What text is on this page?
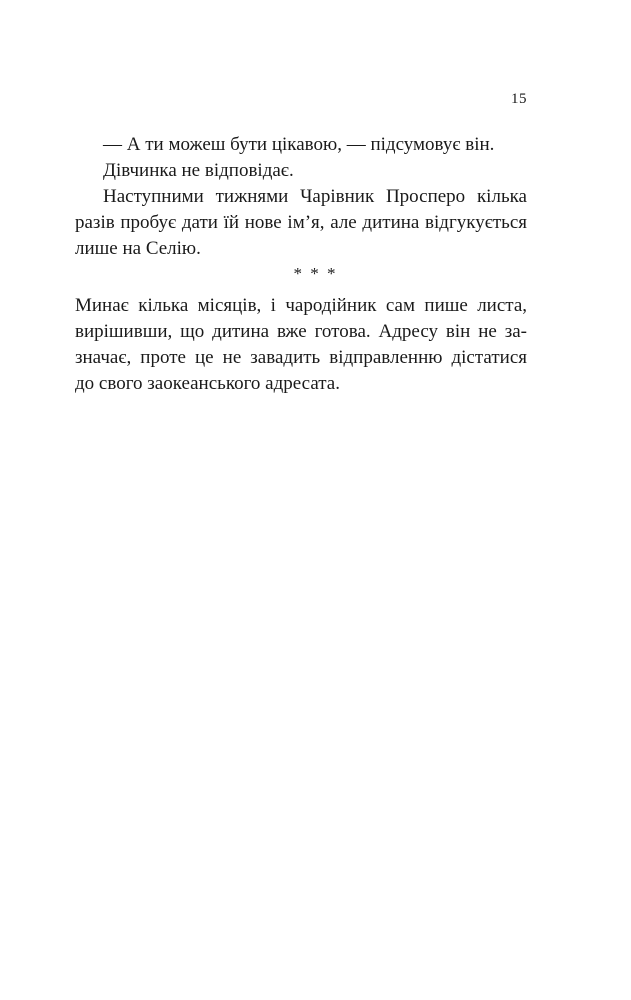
15
— А ти можеш бути цікавою, — підсумовує він.
Дівчинка не відповідає.
Наступними тижнями Чарівник Просперо кілька
разів пробує дати їй нове ім’я, але дитина відгукується
лише на Селію.
* * *
Минає кілька місяців, і чародійник сам пише листа,
вирішивши, що дитина вже готова. Адресу він не за-
значає, проте це не завадить відправленню дістатися
до свого заокеанського адресата.
